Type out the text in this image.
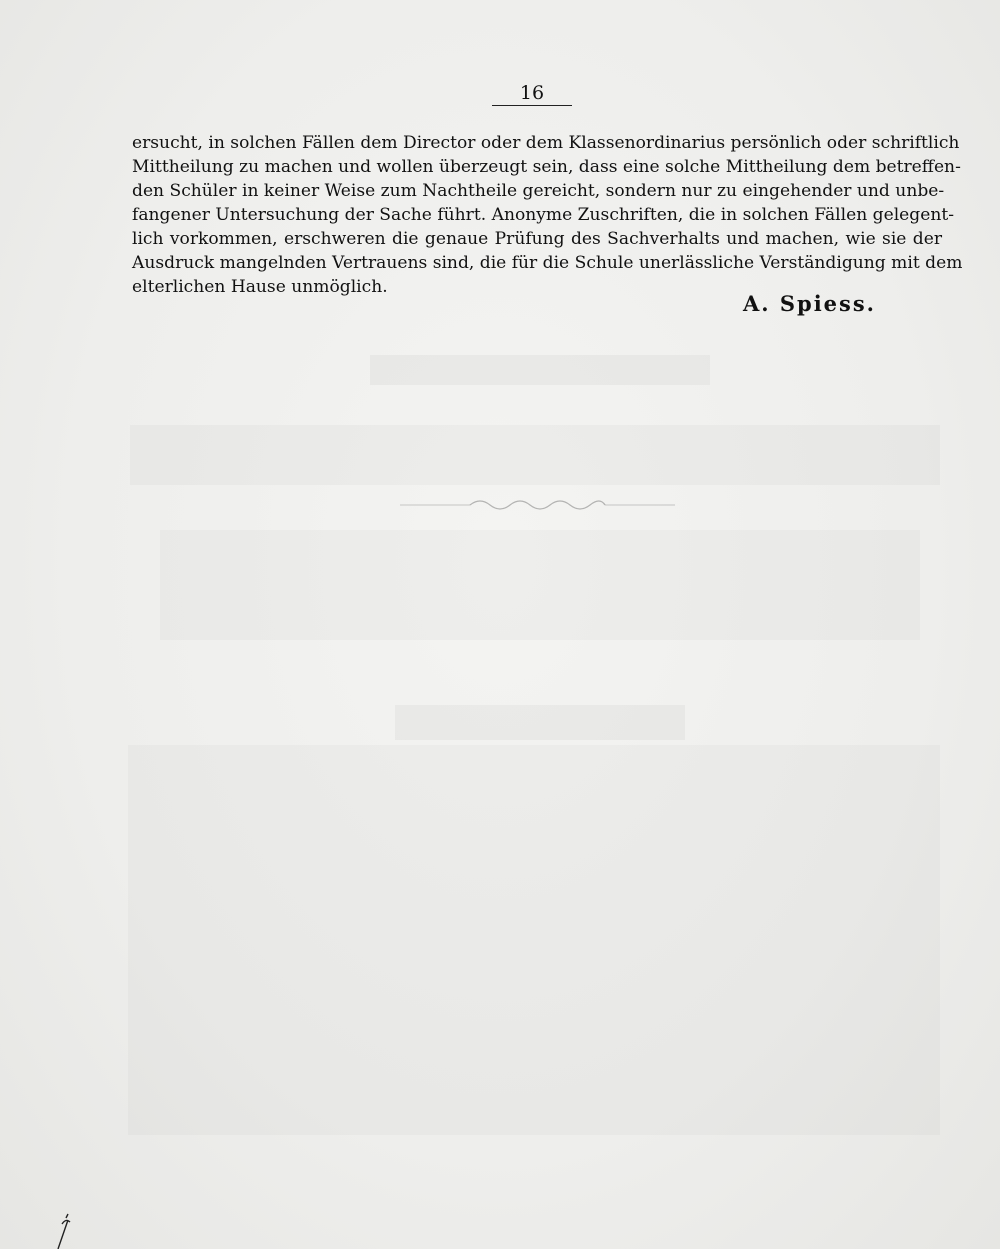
16
ersucht, in solchen Fällen dem Director oder dem Klassenordinarius persönlich oder schriftlich
Mittheilung zu machen und wollen überzeugt sein, dass eine solche Mittheilung dem betreffen-
den Schüler in keiner Weise zum Nachtheile gereicht, sondern nur zu eingehender und unbe-
fangener Untersuchung der Sache führt. Anonyme Zuschriften, die in solchen Fällen gelegent-
lich vorkommen, erschweren die genaue Prüfung des Sachverhalts und machen, wie sie der
Ausdruck mangelnden Vertrauens sind, die für die Schule unerlässliche Verständigung mit dem
elterlichen Hause unmöglich.
A. Spiess.
